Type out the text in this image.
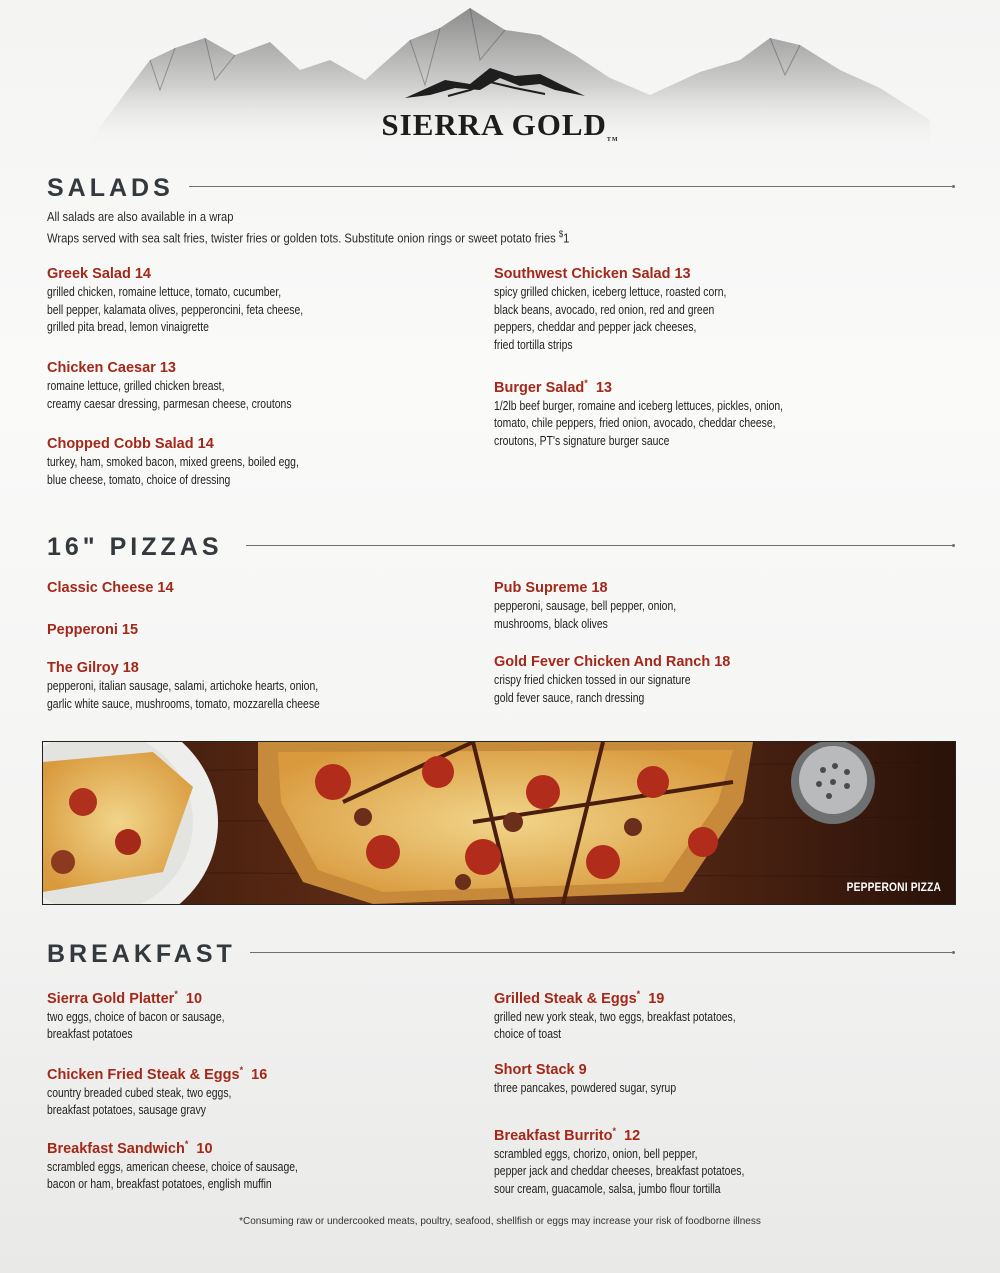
SIERRA GOLDTM
SALADS
All salads are also available in a wrap
Wraps served with sea salt fries, twister fries or golden tots. Substitute onion rings or sweet potato fries $1
Greek Salad 14
grilled chicken, romaine lettuce, tomato, cucumber,
bell pepper, kalamata olives, pepperoncini, feta cheese,
grilled pita bread, lemon vinaigrette
Chicken Caesar 13
romaine lettuce, grilled chicken breast,
creamy caesar dressing, parmesan cheese, croutons
Chopped Cobb Salad 14
turkey, ham, smoked bacon, mixed greens, boiled egg,
blue cheese, tomato, choice of dressing
Southwest Chicken Salad 13
spicy grilled chicken, iceberg lettuce, roasted corn,
black beans, avocado, red onion, red and green
peppers, cheddar and pepper jack cheeses,
fried tortilla strips
Burger Salad* 13
1/2lb beef burger, romaine and iceberg lettuces, pickles, onion,
tomato, chile peppers, fried onion, avocado, cheddar cheese,
croutons, PT's signature burger sauce
16" PIZZAS
Classic Cheese 14
Pepperoni 15
The Gilroy 18
pepperoni, italian sausage, salami, artichoke hearts, onion,
garlic white sauce, mushrooms, tomato, mozzarella cheese
Pub Supreme 18
pepperoni, sausage, bell pepper, onion,
mushrooms, black olives
Gold Fever Chicken And Ranch 18
crispy fried chicken tossed in our signature
gold fever sauce, ranch dressing
PEPPERONI PIZZA
BREAKFAST
Sierra Gold Platter* 10
two eggs, choice of bacon or sausage,
breakfast potatoes
Chicken Fried Steak & Eggs* 16
country breaded cubed steak, two eggs,
breakfast potatoes, sausage gravy
Breakfast Sandwich* 10
scrambled eggs, american cheese, choice of sausage,
bacon or ham, breakfast potatoes, english muffin
Grilled Steak & Eggs* 19
grilled new york steak, two eggs, breakfast potatoes,
choice of toast
Short Stack 9
three pancakes, powdered sugar, syrup
Breakfast Burrito* 12
scrambled eggs, chorizo, onion, bell pepper,
pepper jack and cheddar cheeses, breakfast potatoes,
sour cream, guacamole, salsa, jumbo flour tortilla
*Consuming raw or undercooked meats, poultry, seafood, shellfish or eggs may increase your risk of foodborne illness
